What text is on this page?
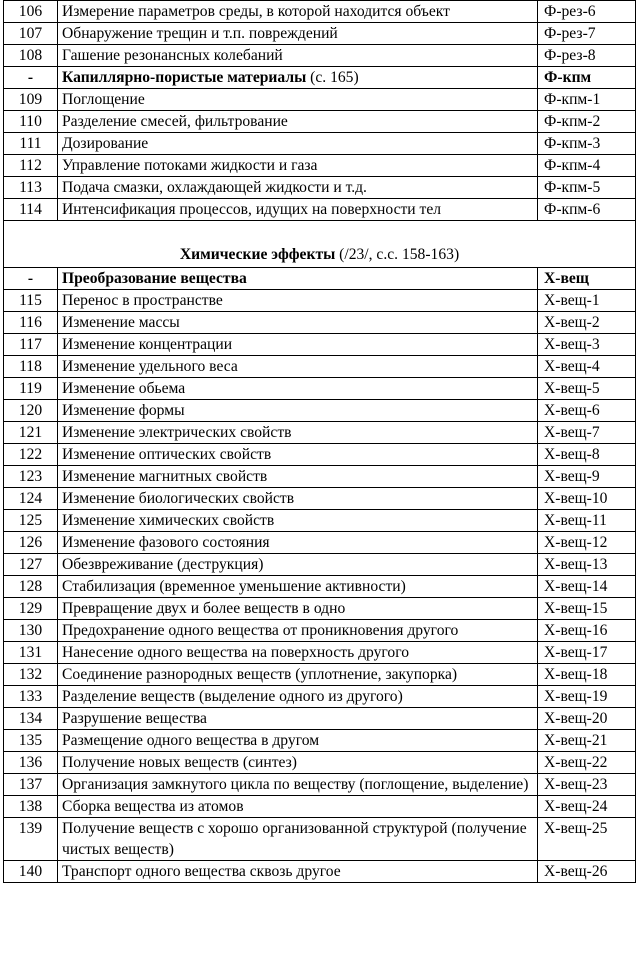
106	Измерение параметров среды, в которой находится объект	Ф-рез-6
107	Обнаружение трещин и т.п. повреждений	Ф-рез-7
108	Гашение резонансных колебаний	Ф-рез-8
-	Капиллярно-пористые материалы (с. 165)	Ф-кпм
109	Поглощение	Ф-кпм-1
110	Разделение смесей, фильтрование	Ф-кпм-2
111	Дозирование	Ф-кпм-3
112	Управление потоками жидкости и газа	Ф-кпм-4
113	Подача смазки, охлаждающей жидкости и т.д.	Ф-кпм-5
114	Интенсификация процессов, идущих на поверхности тел	Ф-кпм-6
Химические эффекты (/23/, с.с. 158-163)		
-	Преобразование вещества	Х-вещ
115	Перенос в пространстве	Х-вещ-1
116	Изменение массы	Х-вещ-2
117	Изменение концентрации	Х-вещ-3
118	Изменение удельного веса	Х-вещ-4
119	Изменение обьема	Х-вещ-5
120	Изменение формы	Х-вещ-6
121	Изменение электрических свойств	Х-вещ-7
122	Изменение оптических свойств	Х-вещ-8
123	Изменение магнитных свойств	Х-вещ-9
124	Изменение биологических свойств	Х-вещ-10
125	Изменение химических свойств	Х-вещ-11
126	Изменение фазового состояния	Х-вещ-12
127	Обезвреживание (деструкция)	Х-вещ-13
128	Стабилизация (временное уменьшение активности)	Х-вещ-14
129	Превращение двух и более веществ в одно	Х-вещ-15
130	Предохранение одного вещества от проникновения другого	Х-вещ-16
131	Нанесение одного вещества на поверхность другого	Х-вещ-17
132	Соединение разнородных веществ (уплотнение, закупорка)	Х-вещ-18
133	Разделение веществ (выделение одного из другого)	Х-вещ-19
134	Разрушение вещества	Х-вещ-20
135	Размещение одного вещества в другом	Х-вещ-21
136	Получение новых веществ (синтез)	Х-вещ-22
137	Организация замкнутого цикла по веществу (поглощение, выделение)	Х-вещ-23
138	Сборка вещества из атомов	Х-вещ-24
139	Получение веществ с хорошо организованной структурой (получение чистых веществ)	Х-вещ-25
140	Транспорт одного вещества сквозь другое	Х-вещ-26
